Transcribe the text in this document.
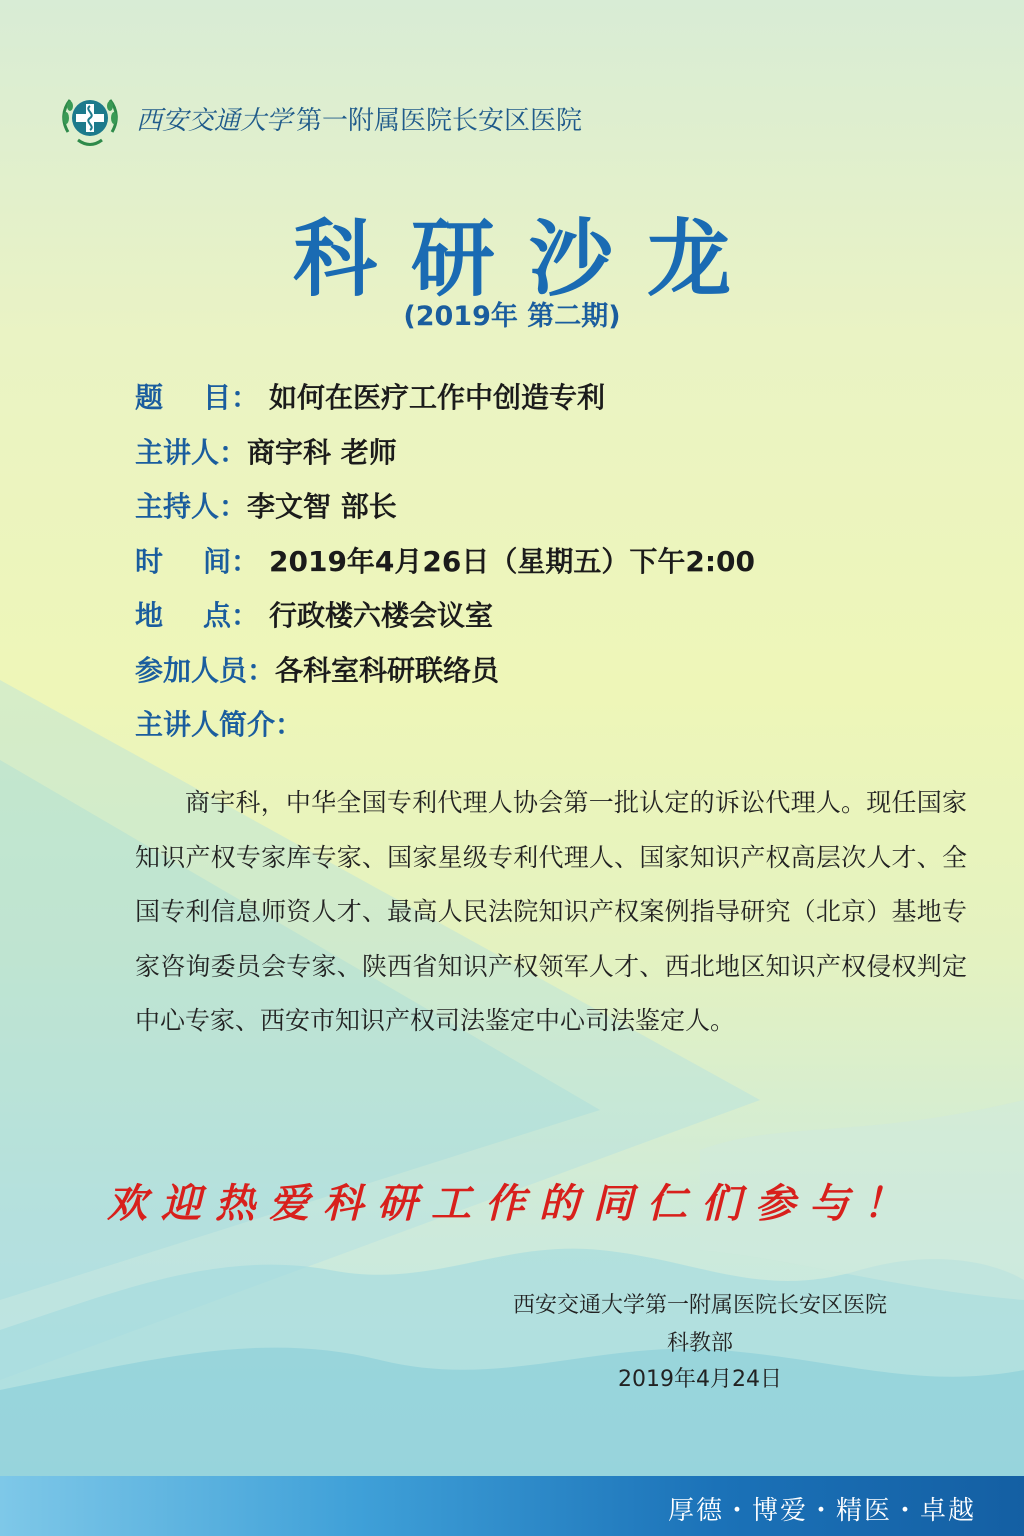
西安交通大学 第一附属医院长安区医院
科研沙龙
(2019年 第二期)
题 目： 如何在医疗工作中创造专利
主讲人：商宇科 老师
主持人：李文智 部长
时 间： 2019年4月26日（星期五）下午2:00
地 点： 行政楼六楼会议室
参加人员：各科室科研联络员
主讲人简介：
商宇科，中华全国专利代理人协会第一批认定的诉讼代理人。现任国家知识产权专家库专家、国家星级专利代理人、国家知识产权高层次人才、全国专利信息师资人才、最高人民法院知识产权案例指导研究（北京）基地专家咨询委员会专家、陕西省知识产权领军人才、西北地区知识产权侵权判定中心专家、西安市知识产权司法鉴定中心司法鉴定人。
欢迎热爱科研工作的同仁们参与！
西安交通大学第一附属医院长安区医院
科教部
2019年4月24日
厚德・博爱・精医・卓越
